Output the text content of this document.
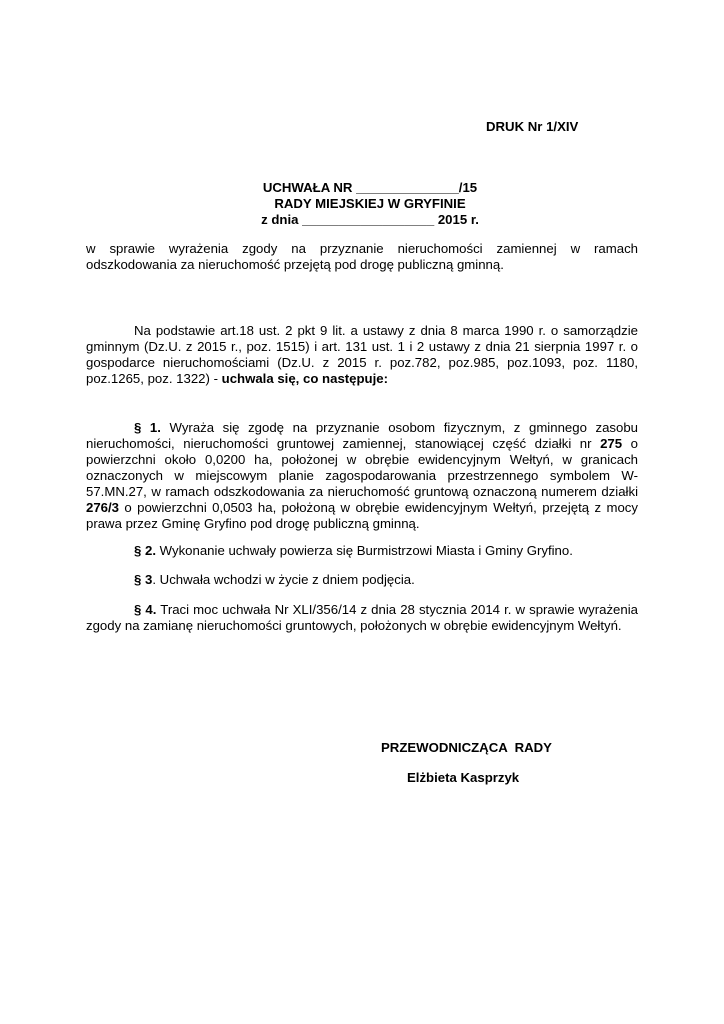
DRUK Nr 1/XIV
UCHWAŁA NR ______________/15
RADY MIEJSKIEJ W GRYFINIE
z dnia __________________ 2015 r.
w sprawie wyrażenia zgody na przyznanie nieruchomości zamiennej w ramach odszkodowania za nieruchomość przejętą pod drogę publiczną gminną.
Na podstawie art.18 ust. 2 pkt 9 lit. a ustawy z dnia 8 marca 1990 r. o samorządzie gminnym (Dz.U. z 2015 r., poz. 1515) i art. 131 ust. 1 i 2 ustawy z dnia 21 sierpnia 1997 r. o gospodarce nieruchomościami (Dz.U. z 2015 r. poz.782, poz.985, poz.1093, poz. 1180, poz.1265, poz. 1322) - uchwala się, co następuje:
§ 1. Wyraża się zgodę na przyznanie osobom fizycznym, z gminnego zasobu nieruchomości, nieruchomości gruntowej zamiennej, stanowiącej część działki nr 275 o powierzchni około 0,0200 ha, położonej w obrębie ewidencyjnym Wełtyń, w granicach oznaczonych w miejscowym planie zagospodarowania przestrzennego symbolem W-57.MN.27, w ramach odszkodowania za nieruchomość gruntową oznaczoną numerem działki 276/3 o powierzchni 0,0503 ha, położoną w obrębie ewidencyjnym Wełtyń, przejętą z mocy prawa przez Gminę Gryfino pod drogę publiczną gminną.
§ 2. Wykonanie uchwały powierza się Burmistrzowi Miasta i Gminy Gryfino.
§ 3. Uchwała wchodzi w życie z dniem podjęcia.
§ 4. Traci moc uchwała Nr XLI/356/14 z dnia 28 stycznia 2014 r. w sprawie wyrażenia zgody na zamianę nieruchomości gruntowych, położonych w obrębie ewidencyjnym Wełtyń.
PRZEWODNICZĄCA  RADY
Elżbieta Kasprzyk
